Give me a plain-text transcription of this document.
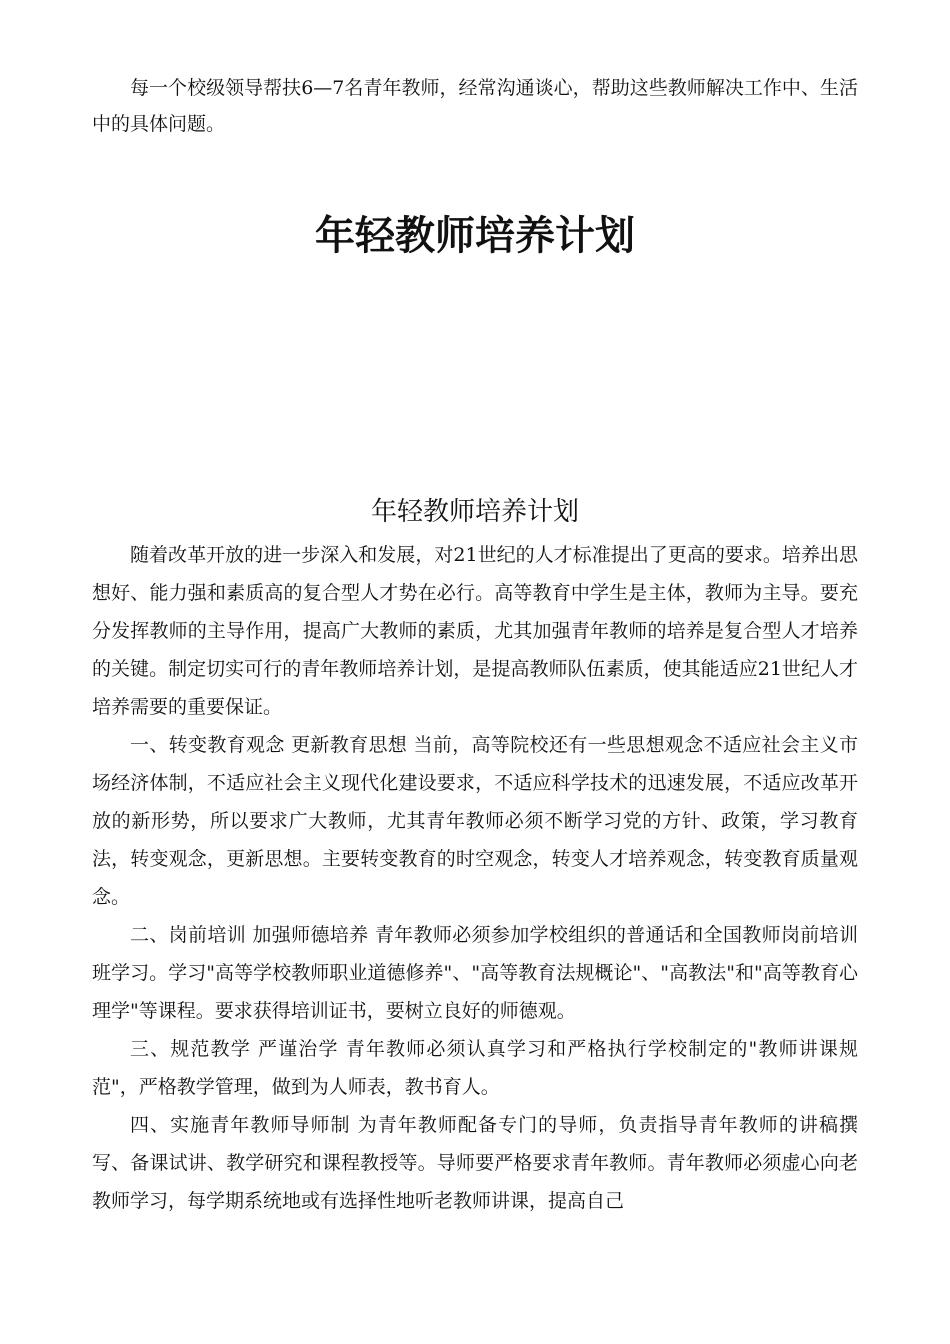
每一个校级领导帮扶6—7名青年教师，经常沟通谈心，帮助这些教师解决工作中、生活中的具体问题。

年轻教师培养计划
年轻教师培养计划

随着改革开放的进一步深入和发展，对21世纪的人才标准提出了更高的要求。培养出思想好、能力强和素质高的复合型人才势在必行。高等教育中学生是主体，教师为主导。要充分发挥教师的主导作用，提高广大教师的素质，尤其加强青年教师的培养是复合型人才培养的关键。制定切实可行的青年教师培养计划，是提高教师队伍素质，使其能适应21世纪人才培养需要的重要保证。

一、转变教育观念 更新教育思想 当前，高等院校还有一些思想观念不适应社会主义市场经济体制，不适应社会主义现代化建设要求，不适应科学技术的迅速发展，不适应改革开放的新形势，所以要求广大教师，尤其青年教师必须不断学习党的方针、政策，学习教育法，转变观念，更新思想。主要转变教育的时空观念，转变人才培养观念，转变教育质量观念。

二、岗前培训 加强师德培养 青年教师必须参加学校组织的普通话和全国教师岗前培训班学习。学习"高等学校教师职业道德修养"、"高等教育法规概论"、"高教法"和"高等教育心理学"等课程。要求获得培训证书，要树立良好的师德观。

三、规范教学 严谨治学 青年教师必须认真学习和严格执行学校制定的"教师讲课规范"，严格教学管理，做到为人师表，教书育人。

四、实施青年教师导师制 为青年教师配备专门的导师，负责指导青年教师的讲稿撰写、备课试讲、教学研究和课程教授等。导师要严格要求青年教师。青年教师必须虚心向老教师学习，每学期系统地或有选择性地听老教师讲课，提高自己
